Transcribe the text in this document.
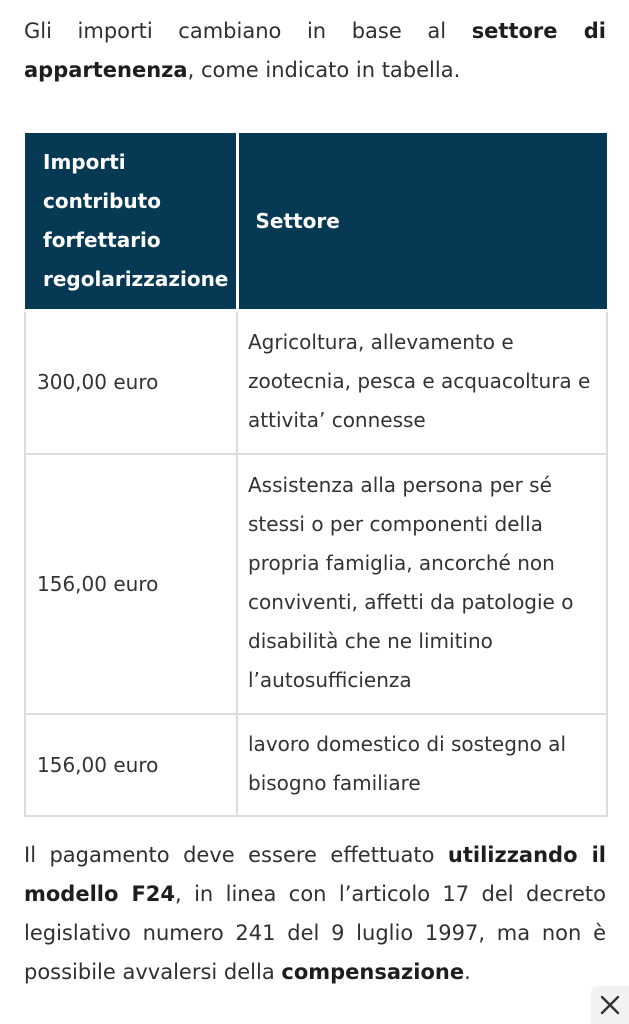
Gli importi cambiano in base al settore di appartenenza, come indicato in tabella.

Importi contributo forfettario regolarizzazione	Settore
300,00 euro	Agricoltura, allevamento e zootecnia, pesca e acquacoltura e attivita’ connesse
156,00 euro	Assistenza alla persona per sé stessi o per componenti della propria famiglia, ancorché non conviventi, affetti da patologie o disabilità che ne limitino l’autosufficienza
156,00 euro	lavoro domestico di sostegno al bisogno familiare

Il pagamento deve essere effettuato utilizzando il modello F24, in linea con l’articolo 17 del decreto legislativo numero 241 del 9 luglio 1997, ma non è possibile avvalersi della compensazione.
